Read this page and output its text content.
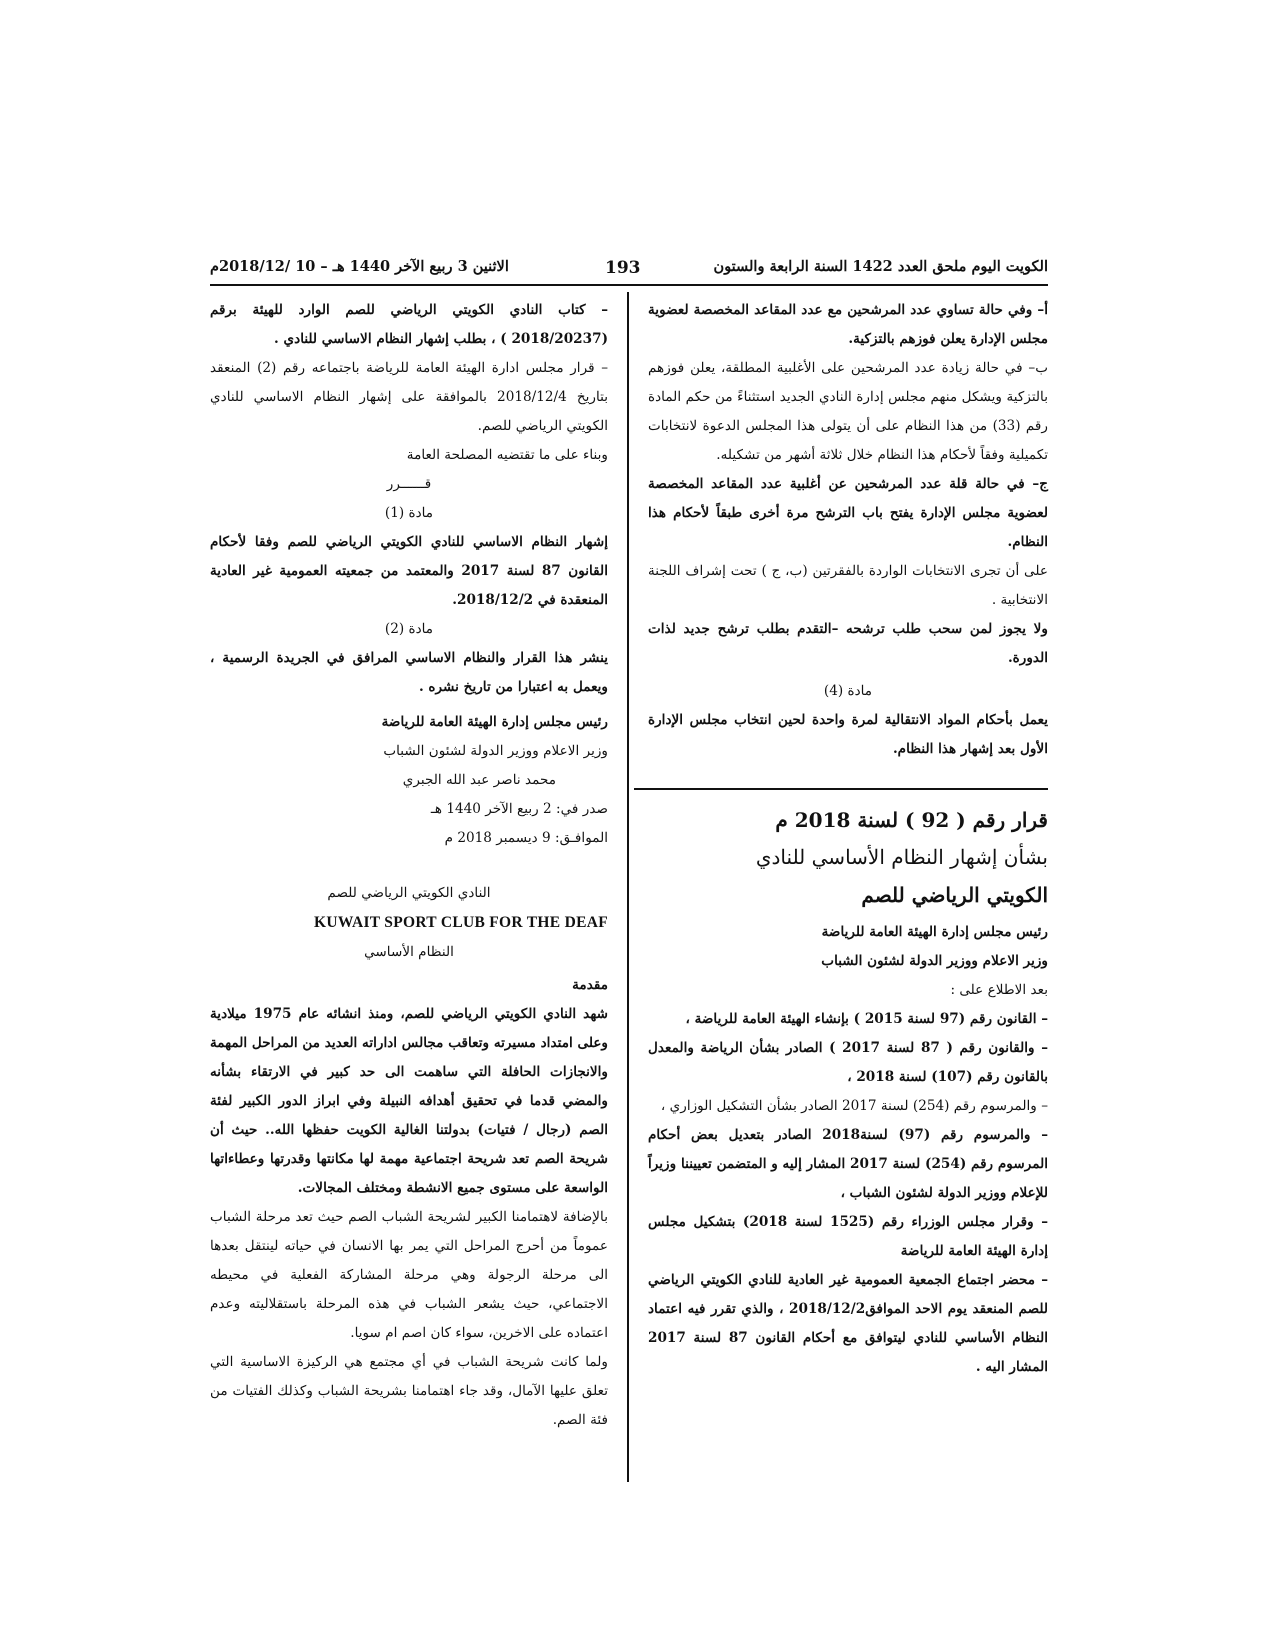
الكويت اليوم ملحق العدد 1422 السنة الرابعة والستون
193
الاثنين 3 ربيع الآخر 1440 هـ – 10 /2018/12م

أ– وفي حالة تساوي عدد المرشحين مع عدد المقاعد المخصصة لعضوية مجلس الإدارة يعلن فوزهم بالتزكية.

ب– في حالة زيادة عدد المرشحين على الأغلبية المطلقة، يعلن فوزهم بالتزكية ويشكل منهم مجلس إدارة النادي الجديد استثناءً من حكم المادة رقم (33) من هذا النظام على أن يتولى هذا المجلس الدعوة لانتخابات تكميلية وفقاً لأحكام هذا النظام خلال ثلاثة أشهر من تشكيله.

ج– في حالة قلة عدد المرشحين عن أغلبية عدد المقاعد المخصصة لعضوية مجلس الإدارة يفتح باب الترشح مرة أخرى طبقاً لأحكام هذا النظام.

على أن تجرى الانتخابات الواردة بالفقرتين (ب، ج ) تحت إشراف اللجنة الانتخابية .

ولا يجوز لمن سحب طلب ترشحه –التقدم بطلب ترشح جديد لذات الدورة.

مادة (4)

يعمل بأحكام المواد الانتقالية لمرة واحدة لحين انتخاب مجلس الإدارة الأول بعد إشهار هذا النظام.

قرار رقم ( 92 ) لسنة 2018 م

بشأن إشهار النظام الأساسي للنادي

الكويتي الرياضي للصم

رئيس مجلس إدارة الهيئة العامة للرياضة

وزير الاعلام ووزير الدولة لشئون الشباب

بعد الاطلاع على :

– القانون رقم (97 لسنة 2015 ) بإنشاء الهيئة العامة للرياضة ،

– والقانون رقم ( 87 لسنة 2017 ) الصادر بشأن الرياضة والمعدل بالقانون رقم (107) لسنة 2018 ،

– والمرسوم رقم (254) لسنة 2017 الصادر بشأن التشكيل الوزاري ،

– والمرسوم رقم (97) لسنة2018 الصادر بتعديل بعض أحكام المرسوم رقم (254) لسنة 2017 المشار إليه و المتضمن تعييننا وزيراً للإعلام ووزير الدولة لشئون الشباب ،

– وقرار مجلس الوزراء رقم (1525 لسنة 2018) بتشكيل مجلس إدارة الهيئة العامة للرياضة

– محضر اجتماع الجمعية العمومية غير العادية للنادي الكويتي الرياضي للصم المنعقد يوم الاحد الموافق2018/12/2 ، والذي تقرر فيه اعتماد النظام الأساسي للنادي ليتوافق مع أحكام القانون 87 لسنة 2017 المشار اليه .

– كتاب النادي الكويتي الرياضي للصم الوارد للهيئة برقم (2018/20237 ) ، بطلب إشهار النظام الاساسي للنادي .

– قرار مجلس ادارة الهيئة العامة للرياضة باجتماعه رقم (2) المنعقد بتاريخ 2018/12/4 بالموافقة على إشهار النظام الاساسي للنادي الكويتي الرياضي للصم.

وبناء على ما تقتضيه المصلحة العامة

قــــــرر

مادة (1)

إشهار النظام الاساسي للنادي الكويتي الرياضي للصم وفقا لأحكام القانون 87 لسنة 2017 والمعتمد من جمعيته العمومية غير العادية المنعقدة في 2018/12/2.

مادة (2)

ينشر هذا القرار والنظام الاساسي المرافق في الجريدة الرسمية ، ويعمل به اعتبارا من تاريخ نشره .

رئيس مجلس إدارة الهيئة العامة للرياضة

وزير الاعلام ووزير الدولة لشئون الشباب

محمد ناصر عبد الله الجبري

صدر في: 2 ربيع الآخر 1440 هـ

الموافـق: 9 ديسمبر 2018 م

النادي الكويتي الرياضي للصم

KUWAIT SPORT CLUB FOR THE DEAF

النظام الأساسي

مقدمة

شهد النادي الكويتي الرياضي للصم، ومنذ انشائه عام 1975 ميلادية وعلى امتداد مسيرته وتعاقب مجالس اداراته العديد من المراحل المهمة والانجازات الحافلة التي ساهمت الى حد كبير في الارتقاء بشأنه والمضي قدما في تحقيق أهدافه النبيلة وفي ابراز الدور الكبير لفئة الصم (رجال / فتيات) بدولتنا الغالية الكويت حفظها الله.. حيث أن شريحة الصم تعد شريحة اجتماعية مهمة لها مكانتها وقدرتها وعطاءاتها الواسعة على مستوى جميع الانشطة ومختلف المجالات.

بالإضافة لاهتمامنا الكبير لشريحة الشباب الصم حيث تعد مرحلة الشباب عموماً من أحرج المراحل التي يمر بها الانسان في حياته لينتقل بعدها الى مرحلة الرجولة وهي مرحلة المشاركة الفعلية في محيطه الاجتماعي، حيث يشعر الشباب في هذه المرحلة باستقلاليته وعدم اعتماده على الاخرين، سواء كان اصم ام سويا.

ولما كانت شريحة الشباب في أي مجتمع هي الركيزة الاساسية التي تعلق عليها الآمال، وقد جاء اهتمامنا بشريحة الشباب وكذلك الفتيات من فئة الصم.
